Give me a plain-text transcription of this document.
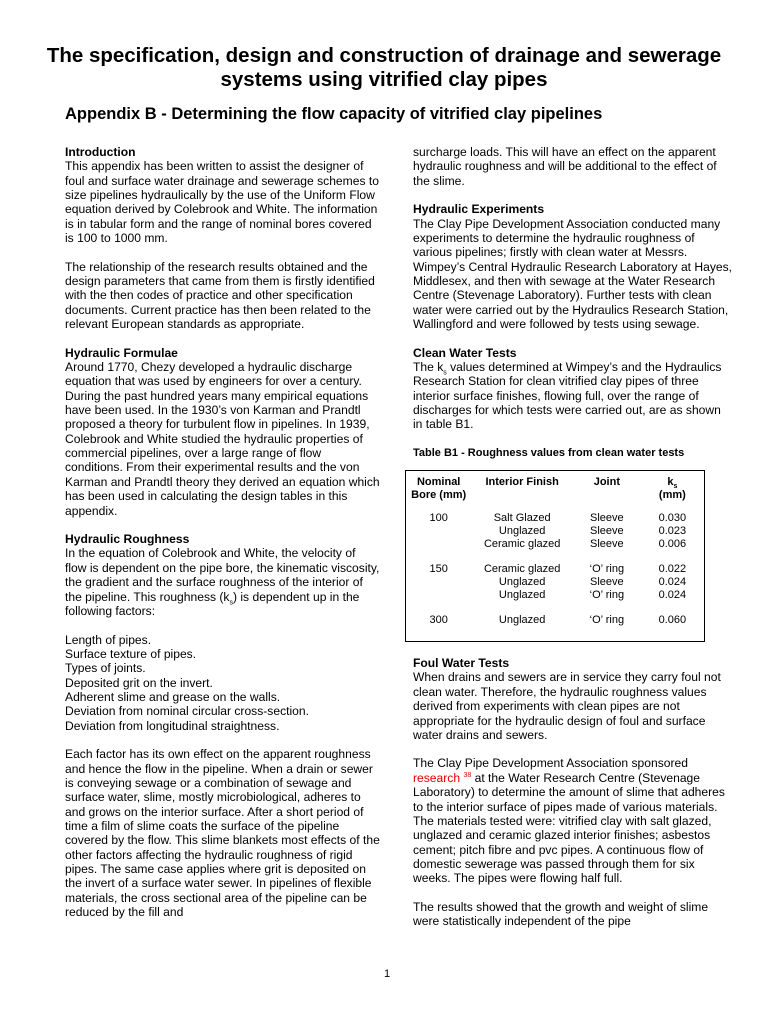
The specification, design and construction of drainage and sewerage systems using vitrified clay pipes
Appendix B - Determining the flow capacity of vitrified clay pipelines
Introduction
This appendix has been written to assist the designer of foul and surface water drainage and sewerage schemes to size pipelines hydraulically by the use of the Uniform Flow equation derived by Colebrook and White. The information is in tabular form and the range of nominal bores covered is 100 to 1000 mm.
The relationship of the research results obtained and the design parameters that came from them is firstly identified with the then codes of practice and other specification documents. Current practice has then been related to the relevant European standards as appropriate.
Hydraulic Formulae
Around 1770, Chezy developed a hydraulic discharge equation that was used by engineers for over a century. During the past hundred years many empirical equations have been used. In the 1930’s von Karman and Prandtl proposed a theory for turbulent flow in pipelines. In 1939, Colebrook and White studied the hydraulic properties of commercial pipelines, over a large range of flow conditions. From their experimental results and the von Karman and Prandtl theory they derived an equation which has been used in calculating the design tables in this appendix.
Hydraulic Roughness
In the equation of Colebrook and White, the velocity of flow is dependent on the pipe bore, the kinematic viscosity, the gradient and the surface roughness of the interior of the pipeline. This roughness $(k_s)$ is dependent up in the following factors:
Length of pipes.
Surface texture of pipes.
Types of joints.
Deposited grit on the invert.
Adherent slime and grease on the walls.
Deviation from nominal circular cross-section.
Deviation from longitudinal straightness.
Each factor has its own effect on the apparent roughness and hence the flow in the pipeline. When a drain or sewer is conveying sewage or a combination of sewage and surface water, slime, mostly microbiological, adheres to and grows on the interior surface. After a short period of time a film of slime coats the surface of the pipeline covered by the flow. This slime blankets most effects of the other factors affecting the hydraulic roughness of rigid pipes. The same case applies where grit is deposited on the invert of a surface water sewer. In pipelines of flexible materials, the cross sectional area of the pipeline can be reduced by the fill and
surcharge loads. This will have an effect on the apparent hydraulic roughness and will be additional to the effect of the slime.
Hydraulic Experiments
The Clay Pipe Development Association conducted many experiments to determine the hydraulic roughness of various pipelines; firstly with clean water at Messrs. Wimpey’s Central Hydraulic Research Laboratory at Hayes, Middlesex, and then with sewage at the Water Research Centre (Stevenage Laboratory). Further tests with clean water were carried out by the Hydraulics Research Station, Wallingford and were followed by tests using sewage.
Clean Water Tests
The $k_s$ values determined at Wimpey’s and the Hydraulics Research Station for clean vitrified clay pipes of three interior surface finishes, flowing full, over the range of discharges for which tests were carried out, are as shown in table B1.
Table B1 - Roughness values from clean water tests
Nominal Bore (mm)	Interior Finish	Joint	$k_s$
(mm)
100	Salt Glazed	Sleeve	0.030
	Unglazed	Sleeve	0.023
	Ceramic glazed	Sleeve	0.006
150	Ceramic glazed	‘O’ ring	0.022
	Unglazed	Sleeve	0.024
	Unglazed	‘O’ ring	0.024
300	Unglazed	‘O’ ring	0.060
Foul Water Tests
When drains and sewers are in service they carry foul not clean water. Therefore, the hydraulic roughness values derived from experiments with clean pipes are not appropriate for the hydraulic design of foul and surface water drains and sewers.
The Clay Pipe Development Association sponsored research $^{38}$ at the Water Research Centre (Stevenage Laboratory) to determine the amount of slime that adheres to the interior surface of pipes made of various materials. The materials tested were: vitrified clay with salt glazed, unglazed and ceramic glazed interior finishes; asbestos cement; pitch fibre and pvc pipes. A continuous flow of domestic sewerage was passed through them for six weeks. The pipes were flowing half full.
The results showed that the growth and weight of slime were statistically independent of the pipe
1
